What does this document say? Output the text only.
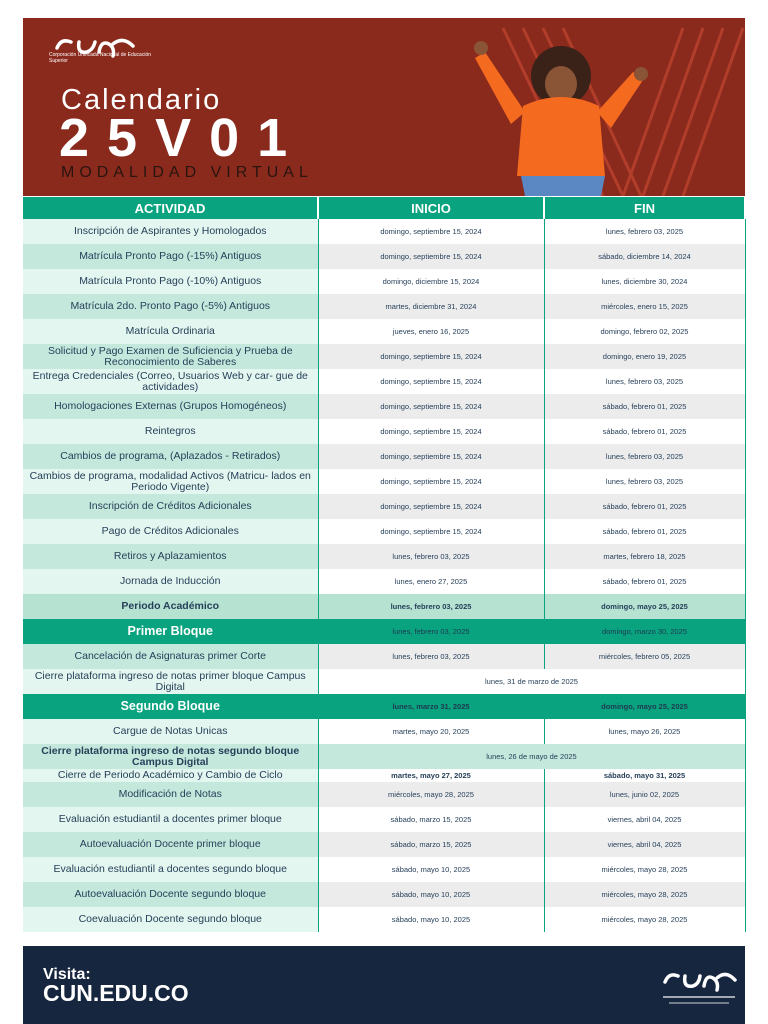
Corporación Unificada Nacional de Educación Superior
Calendario
25V01
MODALIDAD VIRTUAL
ACTIVIDAD	INICIO	FIN
Inscripción de Aspirantes y Homologados	domingo, septiembre 15, 2024	lunes, febrero 03, 2025
Matrícula Pronto Pago (-15%) Antiguos	domingo, septiembre 15, 2024	sábado, diciembre 14, 2024
Matrícula Pronto Pago (-10%) Antiguos	domingo, diciembre 15, 2024	lunes, diciembre 30, 2024
Matrícula 2do. Pronto Pago (-5%) Antiguos	martes, diciembre 31, 2024	miércoles, enero 15, 2025
Matrícula Ordinaria	jueves, enero 16, 2025	domingo, febrero 02, 2025
Solicitud y Pago Examen de Suficiencia y Prueba de Reconocimiento de Saberes	domingo, septiembre 15, 2024	domingo, enero 19, 2025
Entrega Credenciales (Correo, Usuarios Web y car- gue de actividades)	domingo, septiembre 15, 2024	lunes, febrero 03, 2025
Homologaciones Externas (Grupos Homogéneos)	domingo, septiembre 15, 2024	sábado, febrero 01, 2025
Reintegros	domingo, septiembre 15, 2024	sábado, febrero 01, 2025
Cambios de programa, (Aplazados - Retirados)	domingo, septiembre 15, 2024	lunes, febrero 03, 2025
Cambios de programa, modalidad Activos (Matricu- lados en Periodo Vigente)	domingo, septiembre 15, 2024	lunes, febrero 03, 2025
Inscripción de Créditos Adicionales	domingo, septiembre 15, 2024	sábado, febrero 01, 2025
Pago de Créditos Adicionales	domingo, septiembre 15, 2024	sábado, febrero 01, 2025
Retiros y Aplazamientos	lunes, febrero 03, 2025	martes, febrero 18, 2025
Jornada de Inducción	lunes, enero 27, 2025	sábado, febrero 01, 2025
Periodo Académico	lunes, febrero 03, 2025	domingo, mayo 25, 2025
Primer Bloque	lunes, febrero 03, 2025	domingo, marzo 30, 2025
Cancelación de Asignaturas primer Corte	lunes, febrero 03, 2025	miércoles, febrero 05, 2025
Cierre plataforma ingreso de notas primer bloque Campus Digital	lunes, 31 de marzo de 2025	
Segundo Bloque	lunes, marzo 31, 2025	domingo, mayo 25, 2025
Cargue de Notas Unicas	martes, mayo 20, 2025	lunes, mayo 26, 2025
Cierre plataforma ingreso de notas segundo bloque Campus Digital	lunes, 26 de mayo de 2025	
Cierre de Periodo Académico y Cambio de Ciclo	martes, mayo 27, 2025	sábado, mayo 31, 2025
Modificación de Notas	miércoles, mayo 28, 2025	lunes, junio 02, 2025
Evaluación estudiantil a docentes primer bloque	sábado, marzo 15, 2025	viernes, abril 04, 2025
Autoevaluación Docente primer bloque	sábado, marzo 15, 2025	viernes, abril 04, 2025
Evaluación estudiantil a docentes segundo bloque	sábado, mayo 10, 2025	miércoles, mayo 28, 2025
Autoevaluación Docente segundo bloque	sábado, mayo 10, 2025	miércoles, mayo 28, 2025
Coevaluación Docente segundo bloque	sábado, mayo 10, 2025	miércoles, mayo 28, 2025
Visita:
CUN.EDU.CO
